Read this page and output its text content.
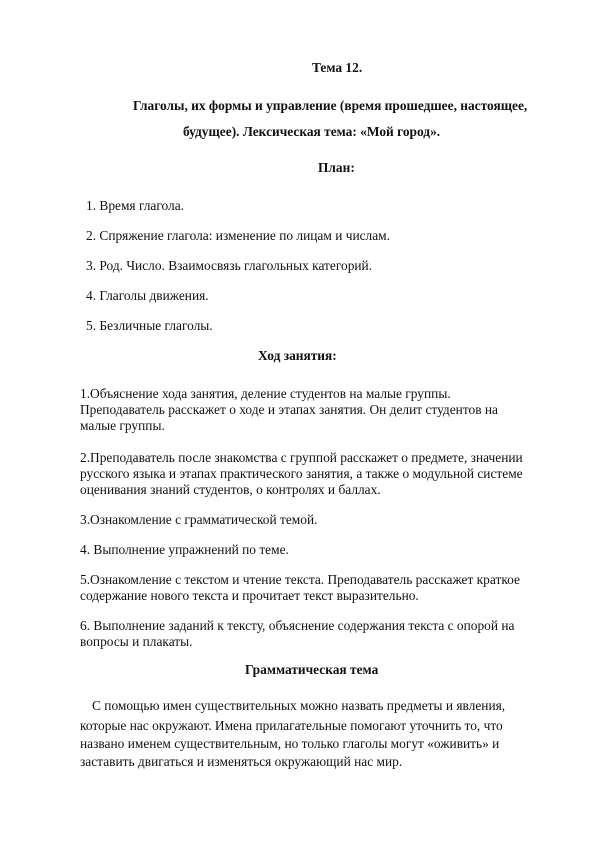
Тема 12.
Глаголы, их формы и управление (время прошедшее, настоящее,
будущее). Лексическая тема: «Мой город».
План:
1. Время глагола.
2. Спряжение глагола: изменение по лицам и числам.
3. Род. Число. Взаимосвязь глагольных категорий.
4. Глаголы движения.
5. Безличные глаголы.
Ход занятия:
1.Объяснение хода занятия, деление студентов на малые группы.
Преподаватель расскажет о ходе и этапах занятия. Он делит студентов на
малые группы.
2.Преподаватель после знакомства с группой расскажет о предмете, значении
русского языка и этапах практического занятия, а также о модульной системе
оценивания знаний студентов, о контролях и баллах.
3.Ознакомление с грамматической темой.
4. Выполнение упражнений по теме.
5.Ознакомление с текстом и чтение текста. Преподаватель расскажет краткое
содержание нового текста и прочитает текст выразительно.
6. Выполнение заданий к тексту, объяснение содержания текста с опорой на
вопросы и плакаты.
Грамматическая тема
С помощью имен существительных можно назвать предметы и явления,
которые нас окружают. Имена прилагательные помогают уточнить то, что
названо именем существительным, но только глаголы могут «оживить» и
заставить двигаться и изменяться окружающий нас мир.
